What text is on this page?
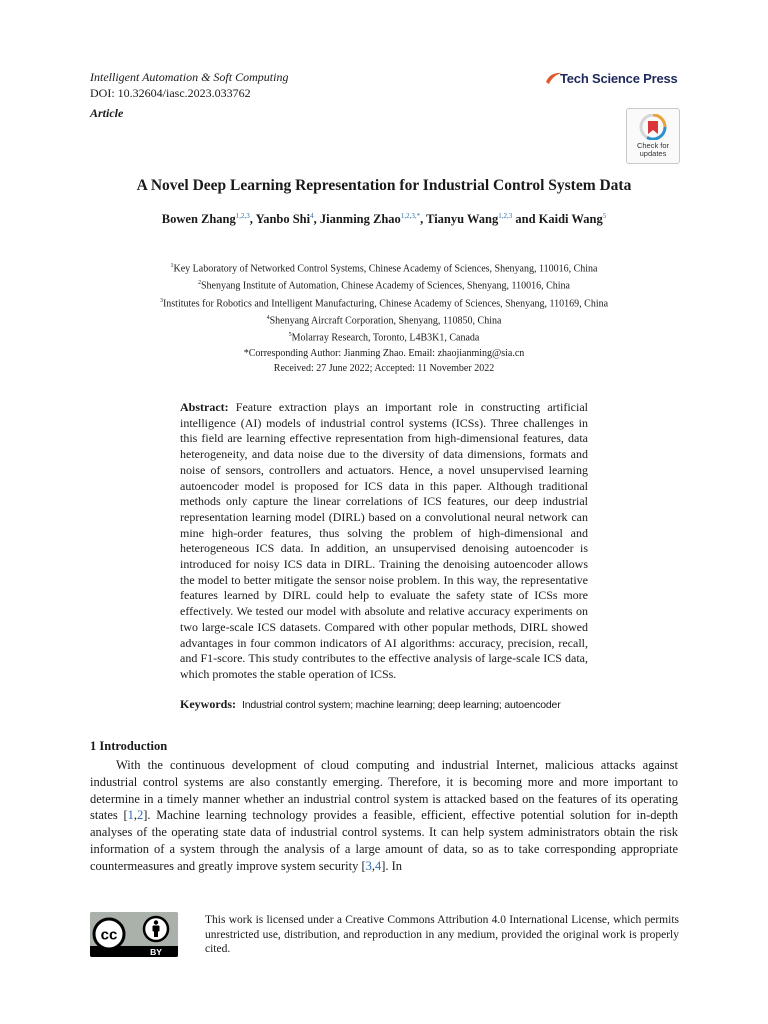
Intelligent Automation & Soft Computing
DOI: 10.32604/iasc.2023.033762
Article
Tech Science Press
Check for updates
A Novel Deep Learning Representation for Industrial Control System Data
Bowen Zhang$^{1,2,3}$, Yanbo Shi$^4$, Jianming Zhao$^{1,2,3,*}$, Tianyu Wang$^{1,2,3}$ and Kaidi Wang$^5$
$^1$Key Laboratory of Networked Control Systems, Chinese Academy of Sciences, Shenyang, 110016, China
$^2$Shenyang Institute of Automation, Chinese Academy of Sciences, Shenyang, 110016, China
$^3$Institutes for Robotics and Intelligent Manufacturing, Chinese Academy of Sciences, Shenyang, 110169, China
$^4$Shenyang Aircraft Corporation, Shenyang, 110850, China
$^5$Molarray Research, Toronto, L4B3K1, Canada
*Corresponding Author: Jianming Zhao. Email: zhaojianming@sia.cn
Received: 27 June 2022; Accepted: 11 November 2022
Abstract: Feature extraction plays an important role in constructing artificial intelligence (AI) models of industrial control systems (ICSs). Three challenges in this field are learning effective representation from high-dimensional features, data heterogeneity, and data noise due to the diversity of data dimensions, formats and noise of sensors, controllers and actuators. Hence, a novel unsupervised learning autoencoder model is proposed for ICS data in this paper. Although traditional methods only capture the linear correlations of ICS features, our deep industrial representation learning model (DIRL) based on a convolutional neural network can mine high-order features, thus solving the problem of high-dimensional and heterogeneous ICS data. In addition, an unsupervised denoising autoencoder is introduced for noisy ICS data in DIRL. Training the denoising autoencoder allows the model to better mitigate the sensor noise problem. In this way, the representative features learned by DIRL could help to evaluate the safety state of ICSs more effectively. We tested our model with absolute and relative accuracy experiments on two large-scale ICS datasets. Compared with other popular methods, DIRL showed advantages in four common indicators of AI algorithms: accuracy, precision, recall, and F1-score. This study contributes to the effective analysis of large-scale ICS data, which promotes the stable operation of ICSs.
Keywords: Industrial control system; machine learning; deep learning; autoencoder
1 Introduction
With the continuous development of cloud computing and industrial Internet, malicious attacks against industrial control systems are also constantly emerging. Therefore, it is becoming more and more important to determine in a timely manner whether an industrial control system is attacked based on the features of its operating states [1,2]. Machine learning technology provides a feasible, efficient, effective potential solution for in-depth analyses of the operating state data of industrial control systems. It can help system administrators obtain the risk information of a system through the analysis of a large amount of data, so as to take corresponding appropriate countermeasures and greatly improve system security [3,4]. In
cc
BY
This work is licensed under a Creative Commons Attribution 4.0 International License, which permits unrestricted use, distribution, and reproduction in any medium, provided the original work is properly cited.
